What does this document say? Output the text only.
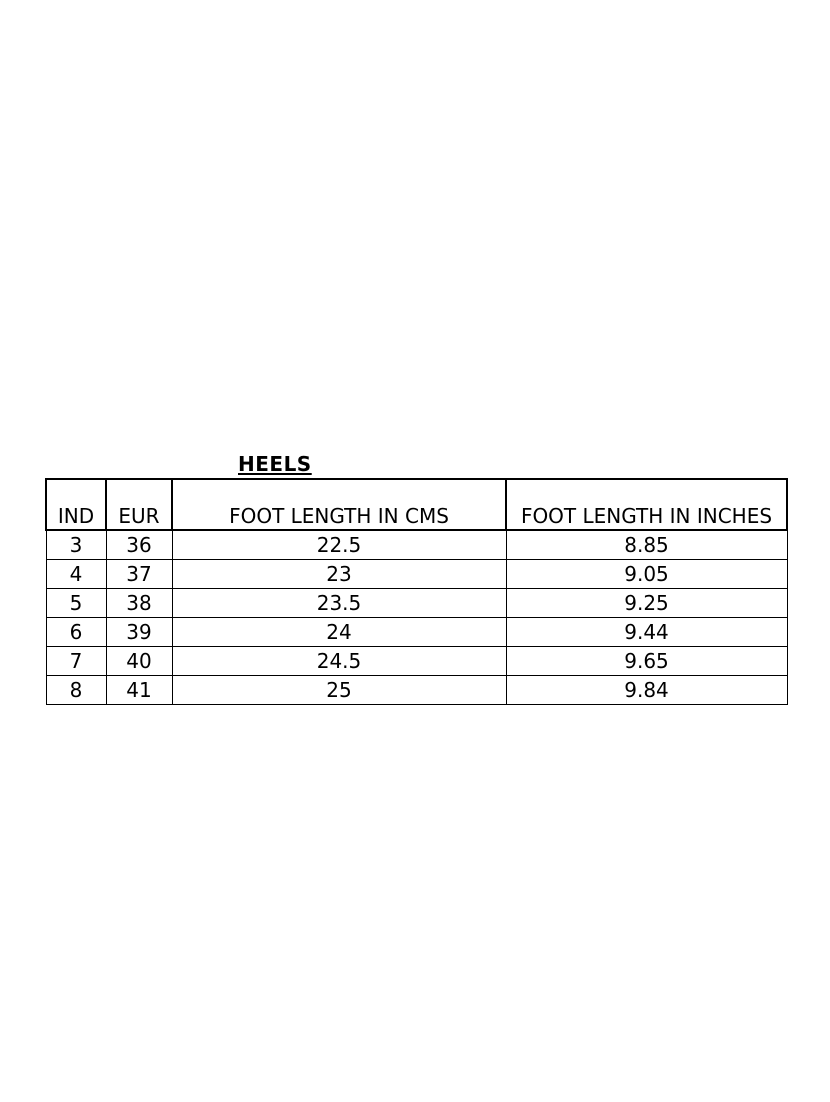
HEELS
IND	EUR	FOOT LENGTH IN CMS	FOOT LENGTH IN INCHES
3	36	22.5	8.85
4	37	23	9.05
5	38	23.5	9.25
6	39	24	9.44
7	40	24.5	9.65
8	41	25	9.84
